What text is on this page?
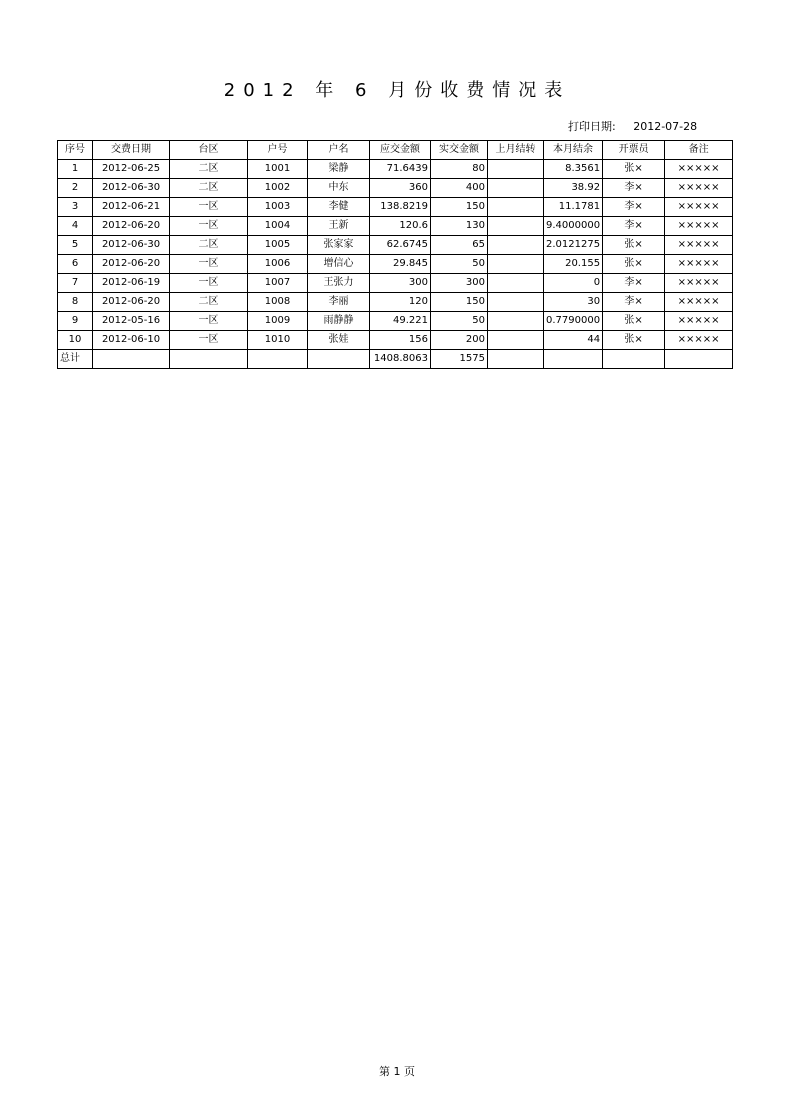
2012 年 6 月份收费情况表
打印日期: 2012-07-28
序号	交费日期	台区	户号	户名	应交金额	实交金额	上月结转	本月结余	开票员	备注
1	2012-06-25	二区	1001	梁静	71.6439	80		8.3561	张×	×××××
2	2012-06-30	二区	1002	中东	360	400		38.92	李×	×××××
3	2012-06-21	一区	1003	李健	138.8219	150		11.1781	李×	×××××
4	2012-06-20	一区	1004	王新	120.6	130		9.4000000	李×	×××××
5	2012-06-30	二区	1005	张家家	62.6745	65		2.0121275	张×	×××××
6	2012-06-20	一区	1006	增信心	29.845	50		20.155	张×	×××××
7	2012-06-19	一区	1007	王张力	300	300		0	李×	×××××
8	2012-06-20	二区	1008	李丽	120	150		30	李×	×××××
9	2012-05-16	一区	1009	雨静静	49.221	50		0.7790000	张×	×××××
10	2012-06-10	一区	1010	张娃	156	200		44	张×	×××××
总计					1408.8063	1575				
第 1 页
